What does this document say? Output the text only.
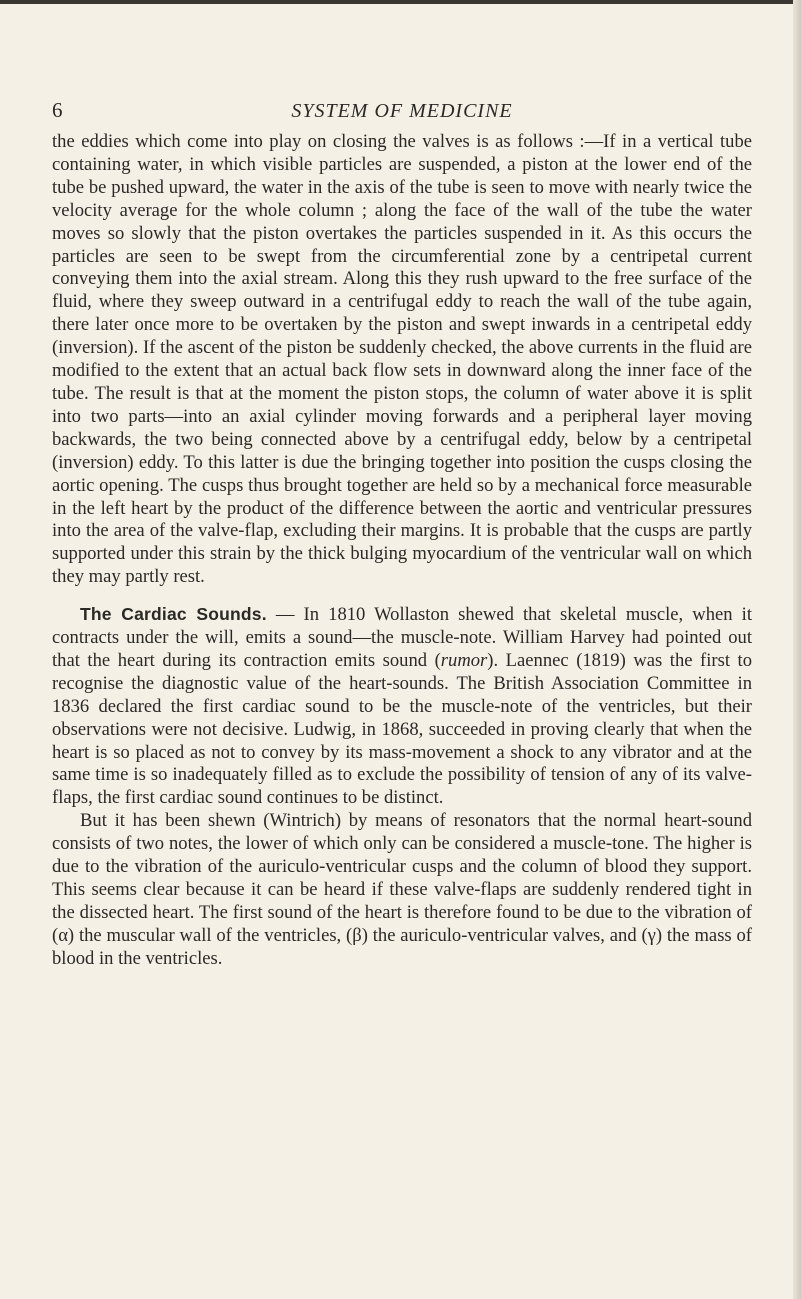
6	SYSTEM OF MEDICINE

the eddies which come into play on closing the valves is as follows :—If in a vertical tube containing water, in which visible particles are suspended, a piston at the lower end of the tube be pushed upward, the water in the axis of the tube is seen to move with nearly twice the velocity average for the whole column ; along the face of the wall of the tube the water moves so slowly that the piston overtakes the particles suspended in it. As this occurs the particles are seen to be swept from the circumferential zone by a centripetal current conveying them into the axial stream. Along this they rush upward to the free surface of the fluid, where they sweep outward in a centrifugal eddy to reach the wall of the tube again, there later once more to be overtaken by the piston and swept inwards in a centripetal eddy (inversion). If the ascent of the piston be suddenly checked, the above currents in the fluid are modified to the extent that an actual back flow sets in downward along the inner face of the tube. The result is that at the moment the piston stops, the column of water above it is split into two parts—into an axial cylinder moving forwards and a peripheral layer moving backwards, the two being connected above by a centrifugal eddy, below by a centripetal (inversion) eddy. To this latter is due the bringing together into position the cusps closing the aortic opening. The cusps thus brought together are held so by a mechanical force measurable in the left heart by the product of the difference between the aortic and ventricular pressures into the area of the valve-flap, excluding their margins. It is probable that the cusps are partly supported under this strain by the thick bulging myocardium of the ventricular wall on which they may partly rest.

The Cardiac Sounds. — In 1810 Wollaston shewed that skeletal muscle, when it contracts under the will, emits a sound—the muscle-note. William Harvey had pointed out that the heart during its contraction emits sound (rumor). Laennec (1819) was the first to recognise the diagnostic value of the heart-sounds. The British Association Committee in 1836 declared the first cardiac sound to be the muscle-note of the ventricles, but their observations were not decisive. Ludwig, in 1868, succeeded in proving clearly that when the heart is so placed as not to convey by its mass-movement a shock to any vibrator and at the same time is so inadequately filled as to exclude the possibility of tension of any of its valve-flaps, the first cardiac sound continues to be distinct.

But it has been shewn (Wintrich) by means of resonators that the normal heart-sound consists of two notes, the lower of which only can be considered a muscle-tone. The higher is due to the vibration of the auriculo-ventricular cusps and the column of blood they support. This seems clear because it can be heard if these valve-flaps are suddenly rendered tight in the dissected heart. The first sound of the heart is therefore found to be due to the vibration of (α) the muscular wall of the ventricles, (β) the auriculo-ventricular valves, and (γ) the mass of blood in the ventricles.
